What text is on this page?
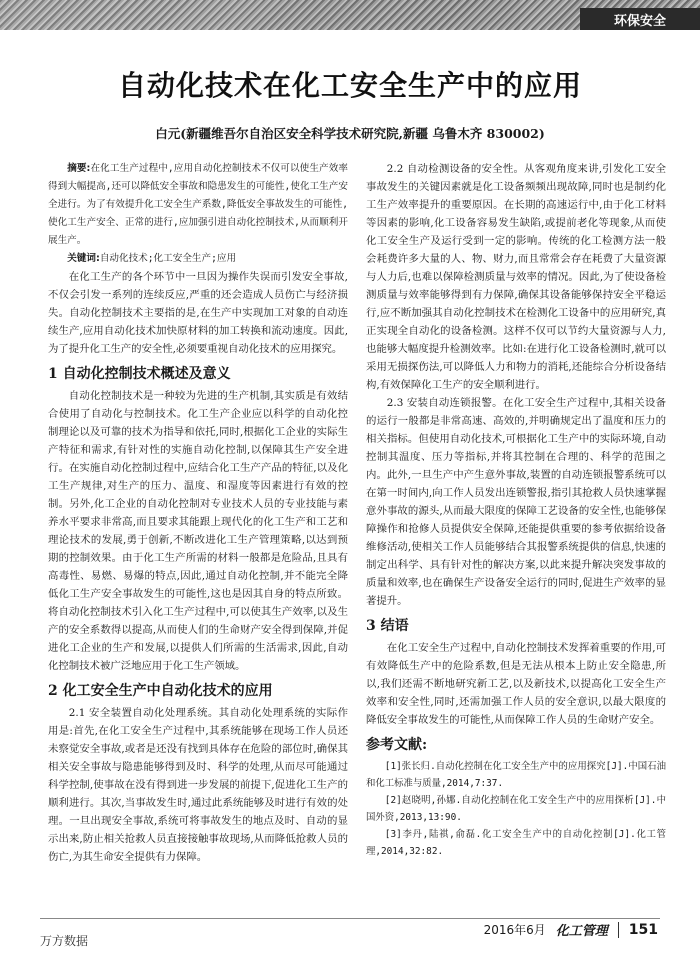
环保安全
自动化技术在化工安全生产中的应用
白元(新疆维吾尔自治区安全科学技术研究院,新疆 乌鲁木齐 830002)

摘要:在化工生产过程中,应用自动化控制技术不仅可以使生产效率得到大幅提高,还可以降低安全事故和隐患发生的可能性,使化工生产安全进行。为了有效提升化工安全生产系数,降低安全事故发生的可能性,使化工生产安全、正常的进行,应加强引进自动化控制技术,从而顺利开展生产。

关键词:自动化技术;化工安全生产;应用

在化工生产的各个环节中一旦因为操作失误而引发安全事故,不仅会引发一系列的连续反应,严重的还会造成人员伤亡与经济损失。自动化控制技术主要指的是,在生产中实现加工对象的自动连续生产,应用自动化技术加快原材料的加工转换和流动速度。因此,为了提升化工生产的安全性,必须要重视自动化技术的应用探究。

1 自动化控制技术概述及意义

自动化控制技术是一种较为先进的生产机制,其实质是有效结合使用了自动化与控制技术。化工生产企业应以科学的自动化控制理论以及可靠的技术为指导和依托,同时,根据化工企业的实际生产特征和需求,有针对性的实施自动化控制,以保障其生产安全进行。在实施自动化控制过程中,应结合化工生产产品的特征,以及化工生产规律,对生产的压力、温度、和湿度等因素进行有效的控制。另外,化工企业的自动化控制对专业技术人员的专业技能与素养水平要求非常高,而且要求其能跟上现代化的化工生产和工艺和理论技术的发展,勇于创新,不断改进化工生产管理策略,以达到预期的控制效果。由于化工生产所需的材料一般都是危险品,且具有高毒性、易燃、易爆的特点,因此,通过自动化控制,并不能完全降低化工生产安全事故发生的可能性,这也是因其自身的特点所致。将自动化控制技术引入化工生产过程中,可以使其生产效率,以及生产的安全系数得以提高,从而使人们的生命财产安全得到保障,并促进化工企业的生产和发展,以提供人们所需的生活需求,因此,自动化控制技术被广泛地应用于化工生产领域。

2 化工安全生产中自动化技术的应用

2.1 安全装置自动化处理系统。其自动化处理系统的实际作用是:首先,在化工安全生产过程中,其系统能够在现场工作人员还未察觉安全事故,或者是还没有找到具体存在危险的部位时,确保其相关安全事故与隐患能够得到及时、科学的处理,从而尽可能通过科学控制,使事故在没有得到进一步发展的前提下,促进化工生产的顺利进行。其次,当事故发生时,通过此系统能够及时进行有效的处理。一旦出现安全事故,系统可将事故发生的地点及时、自动的显示出来,防止相关抢救人员直接接触事故现场,从而降低抢救人员的伤亡,为其生命安全提供有力保障。

2.2 自动检测设备的安全性。从客观角度来讲,引发化工安全事故发生的关键因素就是化工设备频频出现故障,同时也是制约化工生产效率提升的重要原因。在长期的高速运行中,由于化工材料等因素的影响,化工设备容易发生缺陷,或提前老化等现象,从而使化工安全生产及运行受到一定的影响。传统的化工检测方法一般会耗费许多大量的人、物、财力,而且常常会存在耗费了大量资源与人力后,也难以保障检测质量与效率的情况。因此,为了使设备检测质量与效率能够得到有力保障,确保其设备能够保持安全平稳运行,应不断加强其自动化控制技术在检测化工设备中的应用研究,真正实现全自动化的设备检测。这样不仅可以节约大量资源与人力,也能够大幅度提升检测效率。比如:在进行化工设备检测时,就可以采用无损探伤法,可以降低人力和物力的消耗,还能综合分析设备结构,有效保障化工生产的安全顺利进行。

2.3 安装自动连锁报警。在化工安全生产过程中,其相关设备的运行一般都是非常高速、高效的,并明确规定出了温度和压力的相关指标。但使用自动化技术,可根据化工生产中的实际环境,自动控制其温度、压力等指标,并将其控制在合理的、科学的范围之内。此外,一旦生产中产生意外事故,装置的自动连锁报警系统可以在第一时间内,向工作人员发出连锁警报,指引其抢救人员快速掌握意外事故的源头,从而最大限度的保障工艺设备的安全性,也能够保障操作和抢修人员提供安全保障,还能提供重要的参考依据给设备维修活动,使相关工作人员能够结合其报警系统提供的信息,快速的制定出科学、具有针对性的解决方案,以此来提升解决突发事故的质量和效率,也在确保生产设备安全运行的同时,促进生产效率的显著提升。

3 结语

在化工安全生产过程中,自动化控制技术发挥着重要的作用,可有效降低生产中的危险系数,但是无法从根本上防止安全隐患,所以,我们还需不断地研究新工艺,以及新技术,以提高化工安全生产效率和安全性,同时,还需加强工作人员的安全意识,以最大限度的降低安全事故发生的可能性,从而保障工作人员的生命财产安全。

参考文献:

[1]张长归.自动化控制在化工安全生产中的应用探究[J].中国石油和化工标准与质量,2014,7:37.

[2]赵晓明,孙娜.自动化控制在化工安全生产中的应用探析[J].中国外资,2013,13:90.

[3]李丹,陆祺,俞磊.化工安全生产中的自动化控制[J].化工管理,2014,32:82.

万方数据
2016年6月 化工管理 151
